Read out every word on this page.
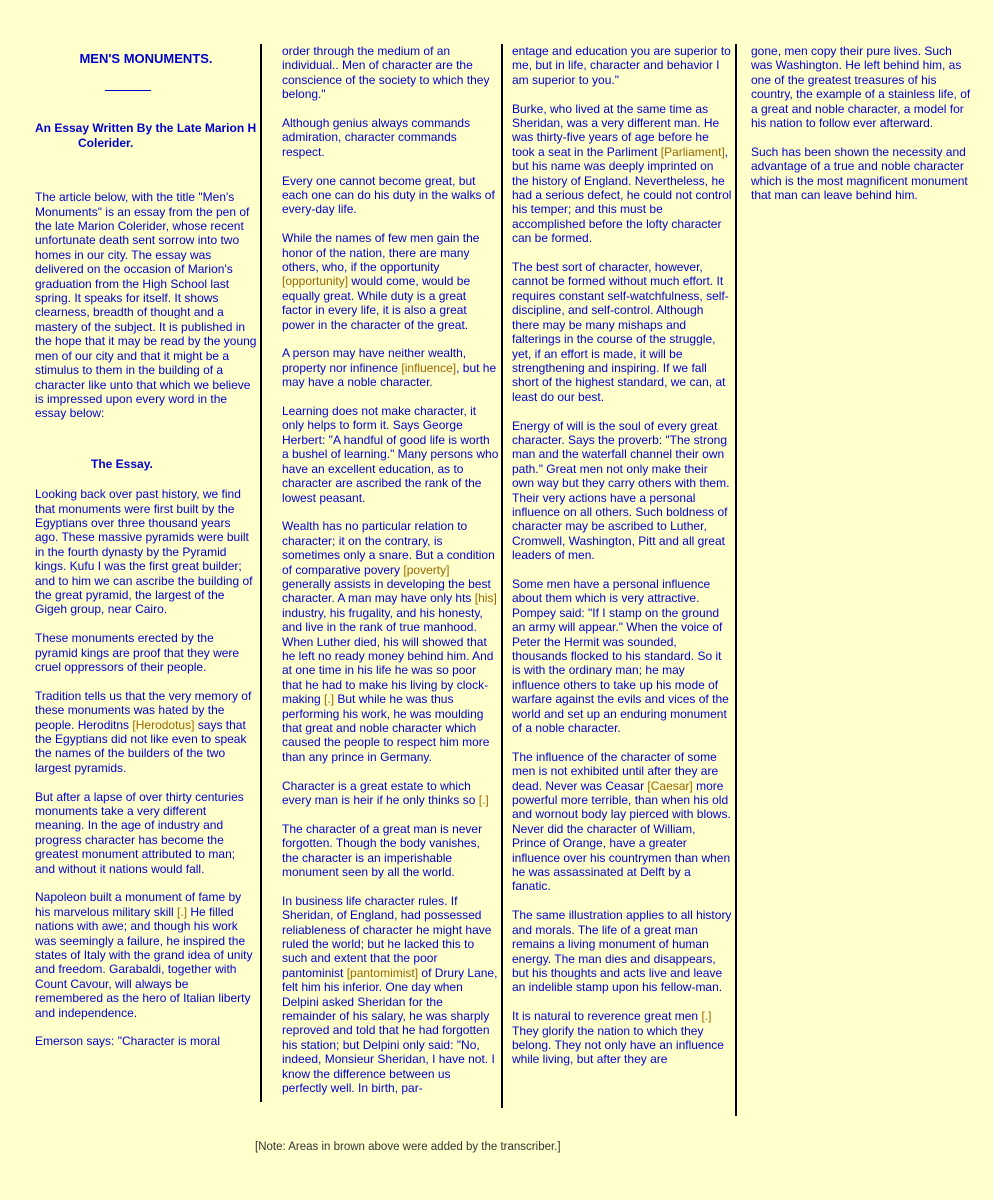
MEN'S MONUMENTS.
An Essay Written By the Late Marion H
Colerider.

The article below, with the title "Men's Monuments" is an essay from the pen of the late Marion Colerider, whose recent unfortunate death sent sorrow into two homes in our city. The essay was delivered on the occasion of Marion's graduation from the High School last spring. It speaks for itself. It shows clearness, breadth of thought and a mastery of the subject. It is published in the hope that it may be read by the young men of our city and that it might be a stimulus to them in the building of a character like unto that which we believe is impressed upon every word in the essay below:

The Essay.

Looking back over past history, we find that monuments were first built by the Egyptians over three thousand years ago. These massive pyramids were built in the fourth dynasty by the Pyramid kings. Kufu I was the first great builder; and to him we can ascribe the building of the great pyramid, the largest of the Gigeh group, near Cairo.

These monuments erected by the pyramid kings are proof that they were cruel oppressors of their people.

Tradition tells us that the very memory of these monuments was hated by the people. Heroditns [Herodotus] says that the Egyptians did not like even to speak the names of the builders of the two largest pyramids.

But after a lapse of over thirty centuries monuments take a very different meaning. In the age of industry and progress character has become the greatest monument attributed to man; and without it nations would fall.

Napoleon built a monument of fame by his marvelous military skill [.] He filled nations with awe; and though his work was seemingly a failure, he inspired the states of Italy with the grand idea of unity and freedom. Garabaldi, together with Count Cavour, will always be remembered as the hero of Italian liberty and independence.

Emerson says: "Character is moral

order through the medium of an individual.. Men of character are the conscience of the society to which they belong."

Although genius always commands admiration, character commands respect.

Every one cannot become great, but each one can do his duty in the walks of every-day life.

While the names of few men gain the honor of the nation, there are many others, who, if the opportunity [opportunity] would come, would be equally great. While duty is a great factor in every life, it is also a great power in the character of the great.

A person may have neither wealth, property nor infinence [influence], but he may have a noble character.

Learning does not make character, it only helps to form it. Says George Herbert: "A handful of good life is worth a bushel of learning." Many persons who have an excellent education, as to character are ascribed the rank of the lowest peasant.

Wealth has no particular relation to character; it on the contrary, is sometimes only a snare. But a condition of comparative povery [poverty] generally assists in developing the best character. A man may have only hts [his] industry, his frugality, and his honesty, and live in the rank of true manhood. When Luther died, his will showed that he left no ready money behind him. And at one time in his life he was so poor that he had to make his living by clock-making [.] But while he was thus performing his work, he was moulding that great and noble character which caused the people to respect him more than any prince in Germany.

Character is a great estate to which every man is heir if he only thinks so [.]

The character of a great man is never forgotten. Though the body vanishes, the character is an imperishable monument seen by all the world.

In business life character rules. If Sheridan, of England, had possessed reliableness of character he might have ruled the world; but he lacked this to such and extent that the poor pantominist [pantomimist] of Drury Lane, felt him his inferior. One day when Delpini asked Sheridan for the remainder of his salary, he was sharply reproved and told that he had forgotten his station; but Delpini only said: "No, indeed, Monsieur Sheridan, I have not. I know the difference between us perfectly well. In birth, par-

entage and education you are superior to me, but in life, character and behavior I am superior to you."

Burke, who lived at the same time as Sheridan, was a very different man. He was thirty-five years of age before he took a seat in the Parliment [Parliament], but his name was deeply imprinted on the history of England. Nevertheless, he had a serious defect, he could not control his temper; and this must be accomplished before the lofty character can be formed.

The best sort of character, however, cannot be formed without much effort. It requires constant self-watchfulness, self-discipline, and self-control. Although there may be many mishaps and falterings in the course of the struggle, yet, if an effort is made, it will be strengthening and inspiring. If we fall short of the highest standard, we can, at least do our best.

Energy of will is the soul of every great character. Says the proverb: "The strong man and the waterfall channel their own path." Great men not only make their own way but they carry others with them. Their very actions have a personal influence on all others. Such boldness of character may be ascribed to Luther, Cromwell, Washington, Pitt and all great leaders of men.

Some men have a personal influence about them which is very attractive. Pompey said: "If I stamp on the ground an army will appear." When the voice of Peter the Hermit was sounded, thousands flocked to his standard. So it is with the ordinary man; he may influence others to take up his mode of warfare against the evils and vices of the world and set up an enduring monument of a noble character.

The influence of the character of some men is not exhibited until after they are dead. Never was Ceasar [Caesar] more powerful more terrible, than when his old and wornout body lay pierced with blows. Never did the character of William, Prince of Orange, have a greater influence over his countrymen than when he was assassinated at Delft by a fanatic.

The same illustration applies to all history and morals. The life of a great man remains a living monument of human energy. The man dies and disappears, but his thoughts and acts live and leave an indelible stamp upon his fellow-man.

It is natural to reverence great men [.] They glorify the nation to which they belong. They not only have an influence while living, but after they are

gone, men copy their pure lives. Such was Washington. He left behind him, as one of the greatest treasures of his country, the example of a stainless life, of a great and noble character, a model for his nation to follow ever afterward.

Such has been shown the necessity and advantage of a true and noble character which is the most magnificent monument that man can leave behind him.

[Note: Areas in brown above were added by the transcriber.]
